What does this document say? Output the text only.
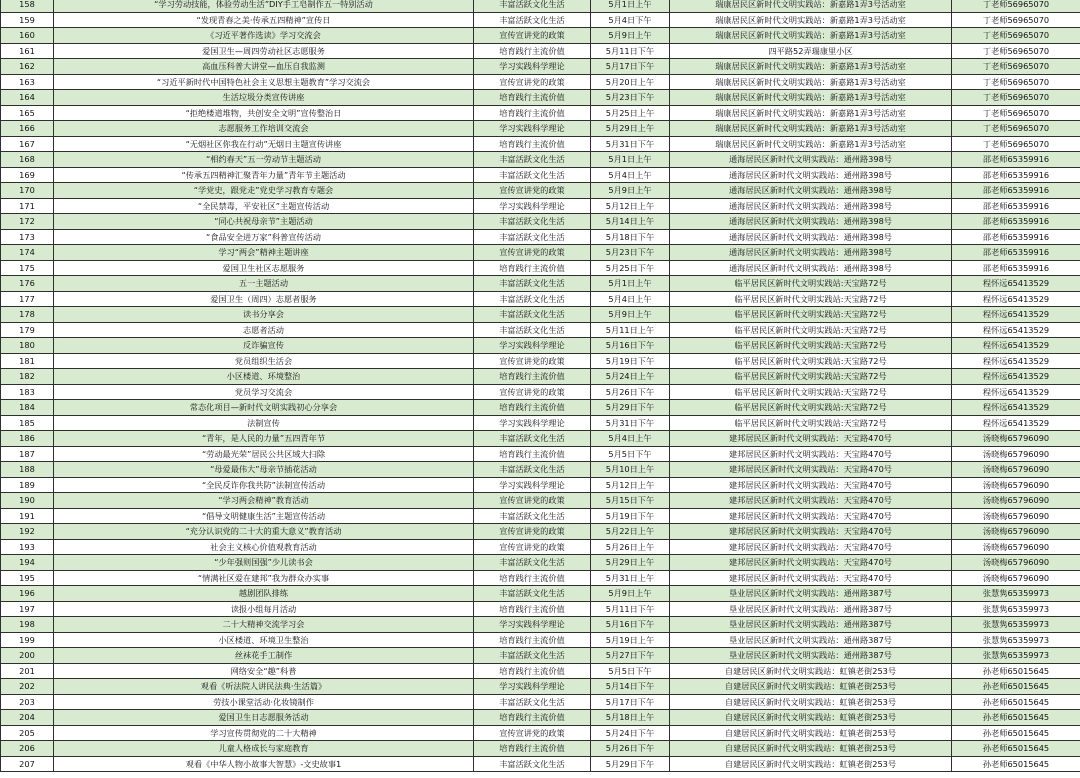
158	“学习劳动技能，体验劳动生活”DIY手工皂制作五一特别活动	丰富活跃文化生活	5月1日上午	瑞康居民区新时代文明实践站：新嘉路1弄3号活动室	丁老师56965070
159	“发现青春之美·传承五四精神”宣传日	丰富活跃文化生活	5月4日下午	瑞康居民区新时代文明实践站：新嘉路1弄3号活动室	丁老师56965070
160	《习近平著作选读》学习交流会	宣传宣讲党的政策	5月9日上午	瑞康居民区新时代文明实践站：新嘉路1弄3号活动室	丁老师56965070
161	爱国卫生—周四劳动社区志愿服务	培育践行主流价值	5月11日下午	四平路52弄瑞康里小区	丁老师56965070
162	高血压科普大讲堂—血压自我监测	学习实践科学理论	5月17日下午	瑞康居民区新时代文明实践站：新嘉路1弄3号活动室	丁老师56965070
163	“习近平新时代中国特色社会主义思想主题教育”学习交流会	宣传宣讲党的政策	5月20日上午	瑞康居民区新时代文明实践站：新嘉路1弄3号活动室	丁老师56965070
164	生活垃圾分类宣传讲座	培育践行主流价值	5月23日下午	瑞康居民区新时代文明实践站：新嘉路1弄3号活动室	丁老师56965070
165	“拒绝楼道堆物，共创安全文明”宣传整治日	培育践行主流价值	5月25日上午	瑞康居民区新时代文明实践站：新嘉路1弄3号活动室	丁老师56965070
166	志愿服务工作培训交流会	学习实践科学理论	5月29日上午	瑞康居民区新时代文明实践站：新嘉路1弄3号活动室	丁老师56965070
167	“无烟社区你我在行动”无烟日主题宣传讲座	培育践行主流价值	5月31日下午	瑞康居民区新时代文明实践站：新嘉路1弄3号活动室	丁老师56965070
168	“相约春天”五一劳动节主题活动	丰富活跃文化生活	5月1日上午	通海居民区新时代文明实践站：通州路398号	邵老师65359916
169	“传承五四精神汇聚青年力量”青年节主题活动	丰富活跃文化生活	5月4日上午	通海居民区新时代文明实践站：通州路398号	邵老师65359916
170	“学党史，跟党走”党史学习教育专题会	宣传宣讲党的政策	5月9日上午	通海居民区新时代文明实践站：通州路398号	邵老师65359916
171	“全民禁毒，平安社区”主题宣传活动	学习实践科学理论	5月12日上午	通海居民区新时代文明实践站：通州路398号	邵老师65359916
172	“同心共祝母亲节”主题活动	丰富活跃文化生活	5月14日上午	通海居民区新时代文明实践站：通州路398号	邵老师65359916
173	“食品安全进万家”科普宣传活动	丰富活跃文化生活	5月18日下午	通海居民区新时代文明实践站：通州路398号	邵老师65359916
174	学习“两会”精神主题讲座	宣传宣讲党的政策	5月23日下午	通海居民区新时代文明实践站：通州路398号	邵老师65359916
175	爱国卫生社区志愿服务	培育践行主流价值	5月25日下午	通海居民区新时代文明实践站：通州路398号	邵老师65359916
176	五一主题活动	丰富活跃文化生活	5月1日上午	临平居民区新时代文明实践站:天宝路72号	程怀远65413529
177	爱国卫生（周四）志愿者服务	丰富活跃文化生活	5月4日上午	临平居民区新时代文明实践站:天宝路72号	程怀远65413529
178	读书分享会	丰富活跃文化生活	5月9日上午	临平居民区新时代文明实践站:天宝路72号	程怀远65413529
179	志愿者活动	丰富活跃文化生活	5月11日上午	临平居民区新时代文明实践站:天宝路72号	程怀远65413529
180	反诈骗宣传	学习实践科学理论	5月16日下午	临平居民区新时代文明实践站:天宝路72号	程怀远65413529
181	党员组织生活会	宣传宣讲党的政策	5月19日下午	临平居民区新时代文明实践站:天宝路72号	程怀远65413529
182	小区楼道、环境整治	培育践行主流价值	5月24日上午	临平居民区新时代文明实践站:天宝路72号	程怀远65413529
183	党员学习交流会	宣传宣讲党的政策	5月26日下午	临平居民区新时代文明实践站:天宝路72号	程怀远65413529
184	常态化项目—新时代文明实践初心分享会	培育践行主流价值	5月29日下午	临平居民区新时代文明实践站:天宝路72号	程怀远65413529
185	法制宣传	学习实践科学理论	5月31日下午	临平居民区新时代文明实践站:天宝路72号	程怀远65413529
186	“青年，是人民的力量”五四青年节	丰富活跃文化生活	5月4日上午	建邦居民区新时代文明实践站：天宝路470号	汤晓梅65796090
187	“劳动最光荣”居民公共区域大扫除	培育践行主流价值	5月5日下午	建邦居民区新时代文明实践站：天宝路470号	汤晓梅65796090
188	“母爱最伟大”母亲节插花活动	丰富活跃文化生活	5月10日上午	建邦居民区新时代文明实践站：天宝路470号	汤晓梅65796090
189	“全民反诈你我共防”法制宣传活动	学习实践科学理论	5月12日上午	建邦居民区新时代文明实践站：天宝路470号	汤晓梅65796090
190	“学习两会精神”教育活动	宣传宣讲党的政策	5月15日下午	建邦居民区新时代文明实践站：天宝路470号	汤晓梅65796090
191	“倡导文明健康生活”主题宣传活动	丰富活跃文化生活	5月19日下午	建邦居民区新时代文明实践站：天宝路470号	汤晓梅65796090
192	“充分认识党的二十大的重大意义”教育活动	宣传宣讲党的政策	5月22日上午	建邦居民区新时代文明实践站：天宝路470号	汤晓梅65796090
193	社会主义核心价值观教育活动	宣传宣讲党的政策	5月26日上午	建邦居民区新时代文明实践站：天宝路470号	汤晓梅65796090
194	“少年强则国强”少儿读书会	丰富活跃文化生活	5月29日上午	建邦居民区新时代文明实践站：天宝路470号	汤晓梅65796090
195	“情满社区爱在建邦”我为群众办实事	培育践行主流价值	5月31日上午	建邦居民区新时代文明实践站：天宝路470号	汤晓梅65796090
196	越剧团队排练	丰富活跃文化生活	5月9日上午	垦业居民区新时代文明实践站：通州路387号	张慧隽65359973
197	读报小组每月活动	培育践行主流价值	5月11日下午	垦业居民区新时代文明实践站：通州路387号	张慧隽65359973
198	二十大精神交流学习会	学习实践科学理论	5月16日下午	垦业居民区新时代文明实践站：通州路387号	张慧隽65359973
199	小区楼道、环境卫生整治	培育践行主流价值	5月19日上午	垦业居民区新时代文明实践站：通州路387号	张慧隽65359973
200	丝袜花手工制作	丰富活跃文化生活	5月27日下午	垦业居民区新时代文明实践站：通州路387号	张慧隽65359973
201	网络安全“趣”科普	培育践行主流价值	5月5日下午	自建居民区新时代文明实践站：虹镇老街253号	孙老师65015645
202	观看《听法院人讲民法典·生活篇》	学习实践科学理论	5月14日下午	自建居民区新时代文明实践站：虹镇老街253号	孙老师65015645
203	劳技小课堂活动·化妆镜制作	丰富活跃文化生活	5月17日下午	自建居民区新时代文明实践站：虹镇老街253号	孙老师65015645
204	爱国卫生日志愿服务活动	培育践行主流价值	5月18日上午	自建居民区新时代文明实践站：虹镇老街253号	孙老师65015645
205	学习宣传贯彻党的二十大精神	宣传宣讲党的政策	5月24日下午	自建居民区新时代文明实践站：虹镇老街253号	孙老师65015645
206	儿童人格成长与家庭教育	培育践行主流价值	5月26日下午	自建居民区新时代文明实践站：虹镇老街253号	孙老师65015645
207	观看《中华人物小故事大智慧》-文史故事1	丰富活跃文化生活	5月29日下午	自建居民区新时代文明实践站：虹镇老街253号	孙老师65015645
